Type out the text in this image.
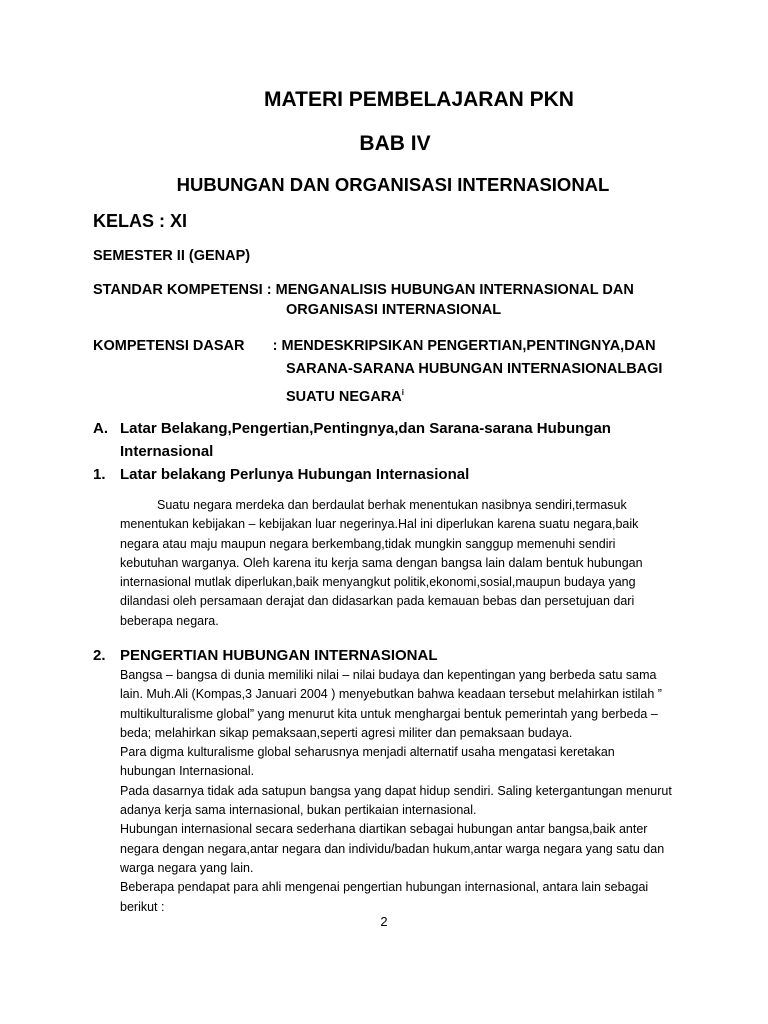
MATERI PEMBELAJARAN PKN
BAB IV
HUBUNGAN DAN ORGANISASI INTERNASIONAL
KELAS : XI
SEMESTER II (GENAP)
STANDAR KOMPETENSI : MENGANALISIS HUBUNGAN INTERNASIONAL DAN
ORGANISASI INTERNASIONAL
KOMPETENSI DASAR       : MENDESKRIPSIKAN PENGERTIAN,PENTINGNYA,DAN
SARANA-SARANA HUBUNGAN INTERNASIONALBAGI
SUATU NEGARA$^i$
A. Latar Belakang,Pengertian,Pentingnya,dan Sarana-sarana Hubungan
Internasional
1. Latar belakang Perlunya Hubungan Internasional

Suatu negara merdeka dan berdaulat berhak menentukan nasibnya sendiri,termasuk

menentukan kebijakan – kebijakan luar negerinya.Hal ini diperlukan karena suatu negara,baik

negara atau maju maupun negara berkembang,tidak mungkin sanggup memenuhi sendiri

kebutuhan warganya. Oleh karena itu kerja sama dengan bangsa lain dalam bentuk hubungan

internasional mutlak diperlukan,baik menyangkut politik,ekonomi,sosial,maupun budaya yang

dilandasi oleh persamaan derajat dan didasarkan pada kemauan bebas dan persetujuan dari

beberapa negara.

2. PENGERTIAN HUBUNGAN INTERNASIONAL

Bangsa – bangsa di dunia memiliki nilai – nilai budaya dan kepentingan yang berbeda satu sama

lain. Muh.Ali (Kompas,3 Januari 2004 ) menyebutkan bahwa keadaan tersebut melahirkan istilah ”

multikulturalisme global” yang menurut kita untuk menghargai bentuk pemerintah yang berbeda –

beda; melahirkan sikap pemaksaan,seperti agresi militer dan pemaksaan budaya.

Para digma kulturalisme global seharusnya menjadi alternatif usaha mengatasi keretakan

hubungan Internasional.

Pada dasarnya tidak ada satupun bangsa yang dapat hidup sendiri. Saling ketergantungan menurut

adanya kerja sama internasional, bukan pertikaian internasional.

Hubungan internasional secara sederhana diartikan sebagai hubungan antar bangsa,baik anter

negara dengan negara,antar negara dan individu/badan hukum,antar warga negara yang satu dan

warga negara yang lain.

Beberapa pendapat para ahli mengenai pengertian hubungan internasional, antara lain sebagai

berikut :

2
